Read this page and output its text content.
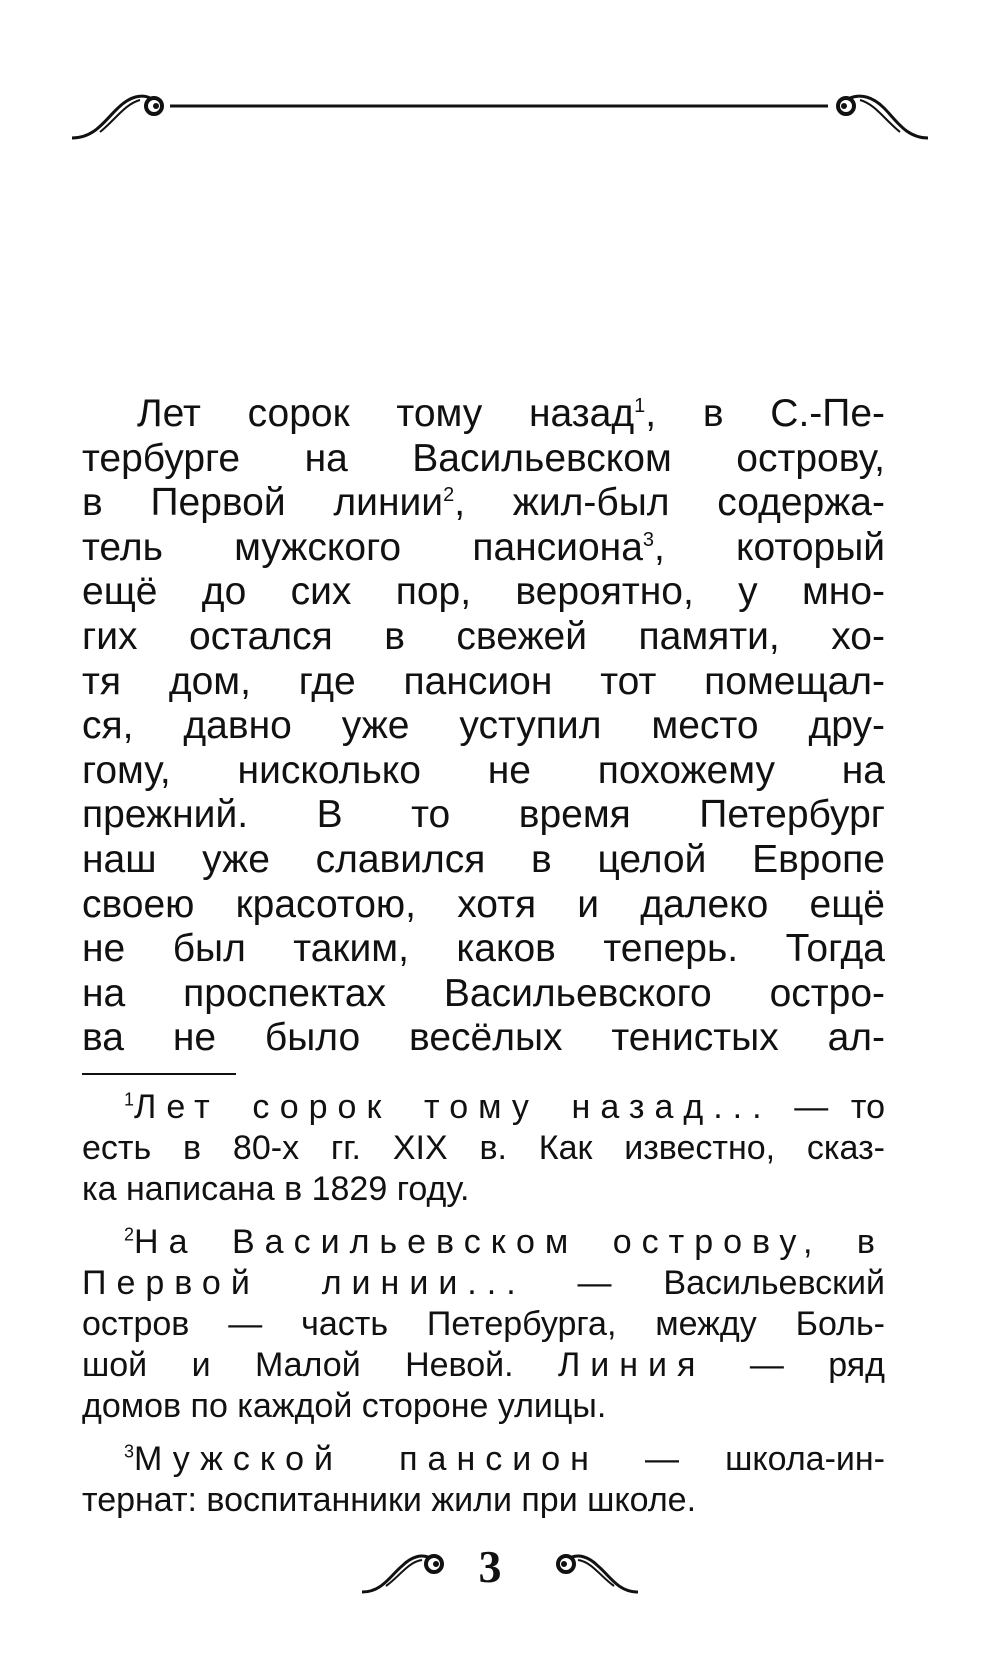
Лет сорок тому назад$^1$, в С.-Пе-
тербурге на Васильевском острову,
в Первой линии$^2$, жил-был содержа-
тель мужского пансиона$^3$, который
ещё до сих пор, вероятно, у мно-
гих остался в свежей памяти, хо-
тя дом, где пансион тот помещал-
ся, давно уже уступил место дру-
гому, нисколько не похожему на
прежний. В то время Петербург
наш уже славился в целой Европе
своею красотою, хотя и далеко ещё
не был таким, каков теперь. Тогда
на проспектах Васильевского остро-
ва не было весёлых тенистых ал-
$^1$Лет сорок тому назад... — то
есть в 80-х гг. XIX в. Как известно, сказ-
ка написана в 1829 году.
$^2$На Васильевском острову, в
Первой линии... — Васильевский
остров — часть Петербурга, между Боль-
шой и Малой Невой. Линия — ряд
домов по каждой стороне улицы.
$^3$Мужской пансион — школа-ин-
тернат: воспитанники жили при школе.
3
